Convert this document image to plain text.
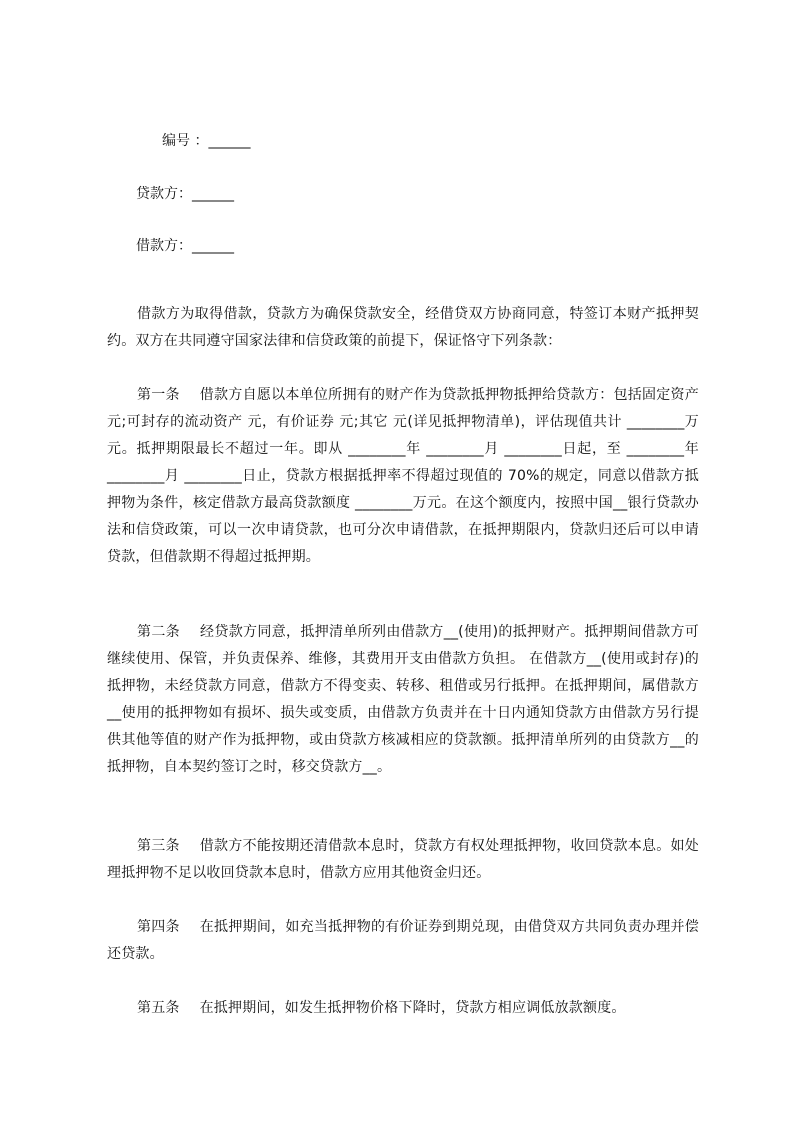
编号 ：______
贷款方：______
借款方：______

借款方为取得借款，贷款方为确保贷款安全，经借贷双方协商同意，特签订本财产抵押契约。双方在共同遵守国家法律和信贷政策的前提下，保证恪守下列条款：

第一条 借款方自愿以本单位所拥有的财产作为贷款抵押物抵押给贷款方：包括固定资产 元;可封存的流动资产 元，有价证券 元;其它 元(详见抵押物清单)，评估现值共计 ________万元。抵押期限最长不超过一年。即从 ________年 ________月 ________日起，至 ________年 ________月 ________日止，贷款方根据抵押率不得超过现值的 70%的规定，同意以借款方抵押物为条件，核定借款方最高贷款额度 ________万元。在这个额度内，按照中国__银行贷款办法和信贷政策，可以一次申请贷款，也可分次申请借款，在抵押期限内，贷款归还后可以申请贷款，但借款期不得超过抵押期。

第二条 经贷款方同意，抵押清单所列由借款方__(使用)的抵押财产。抵押期间借款方可继续使用、保管，并负责保养、维修，其费用开支由借款方负担。 在借款方__(使用或封存)的抵押物，未经贷款方同意，借款方不得变卖、转移、租借或另行抵押。在抵押期间，属借款方__使用的抵押物如有损坏、损失或变质，由借款方负责并在十日内通知贷款方由借款方另行提供其他等值的财产作为抵押物，或由贷款方核减相应的贷款额。抵押清单所列的由贷款方__的抵押物，自本契约签订之时，移交贷款方__。

第三条 借款方不能按期还清借款本息时，贷款方有权处理抵押物，收回贷款本息。如处理抵押物不足以收回贷款本息时，借款方应用其他资金归还。

第四条 在抵押期间，如充当抵押物的有价证券到期兑现，由借贷双方共同负责办理并偿还贷款。

第五条 在抵押期间，如发生抵押物价格下降时，贷款方相应调低放款额度。
